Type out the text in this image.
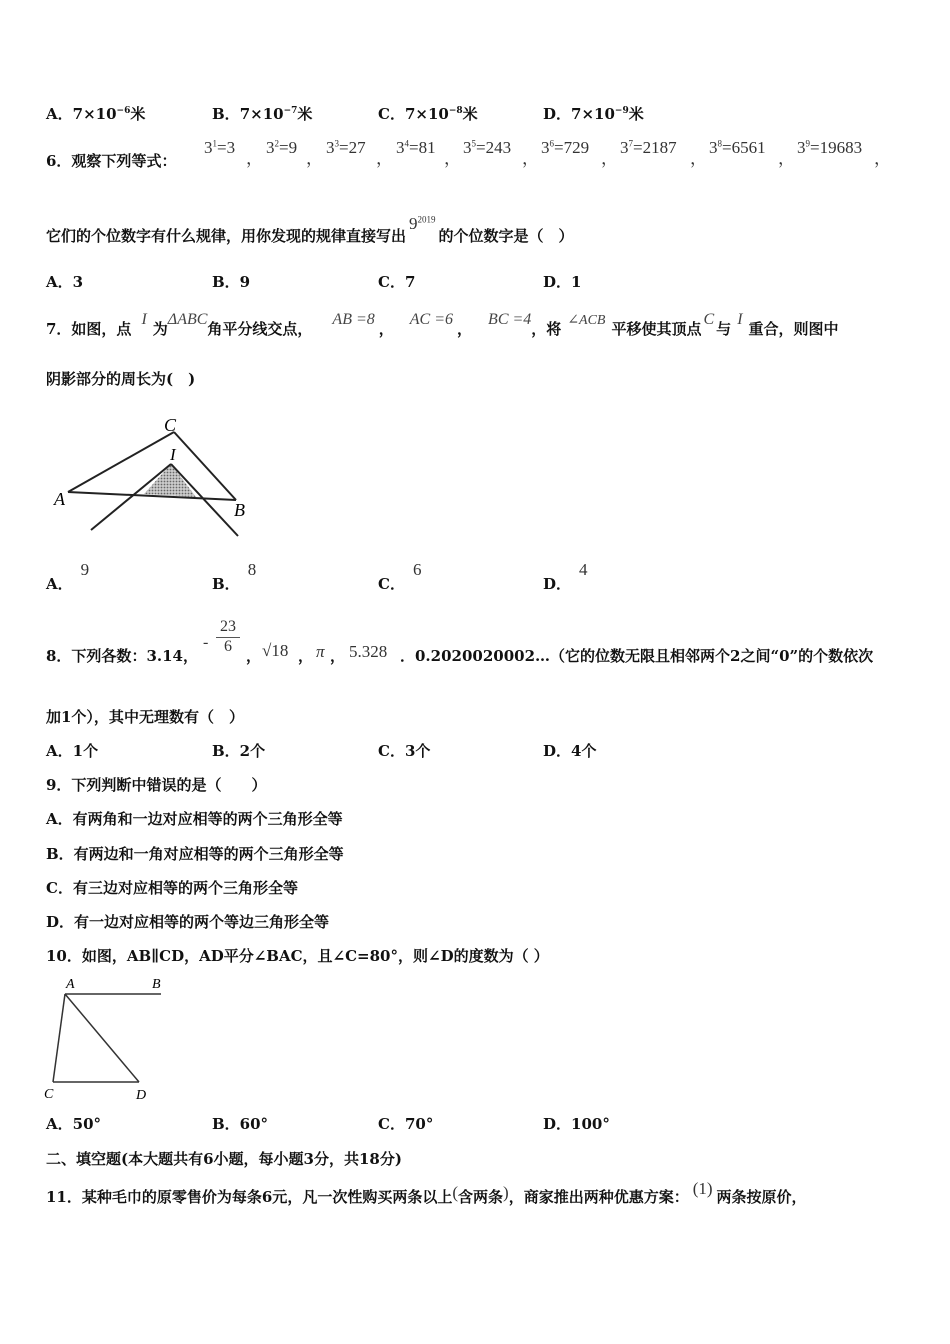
A．$7\times 10^{-6}$米	B．$7\times 10^{-7}$米	C．$7\times 10^{-8}$米	D．$7\times 10^{-9}$米
6．观察下列等式：
$3^1=3$
，
$3^2=9$
，
$3^3=27$
，
$3^4=81$
，
$3^5=243$
，
$3^6=729$
，
$3^7=2187$
，
$3^8=6561$
，
$3^9=19683$
，
它们的个位数字有什么规律，用你发现的规律直接写出$9^{2019}$的个位数字是（　）
A．3	B．9	C．7	D．1
7．如图，点I为ΔABC角平分线交点，AB =8，AC =6，BC =4，将 ∠ACB 平移使其顶点C与I重合，则图中
阴影部分的周长为(　)
C
I
A
B
A．9
B．8
C．6
D．4
8．下列各数：3.14，
- $\frac{23}{6}$ ， √18 ， π ， 5.328 ．0.2020020002…（它的位数无限且相邻两个2之间“0”的个数依次
加1个），其中无理数有（　）
A．1个	B．2个	C．3个	D．4个
9．下列判断中错误的是（　　）
A．有两角和一边对应相等的两个三角形全等
B．有两边和一角对应相等的两个三角形全等
C．有三边对应相等的两个三角形全等
D．有一边对应相等的两个等边三角形全等
10．如图，AB∥CD，AD平分∠BAC，且∠C=80°，则∠D的度数为（ ）
A	B
C	D
A．50°	B．60°	C．70°	D．100°
二、填空题(本大题共有6小题，每小题3分，共18分)
11．某种毛巾的原零售价为每条6元，凡一次性购买两条以上(含两条)，商家推出两种优惠方案： (1) 两条按原价，
